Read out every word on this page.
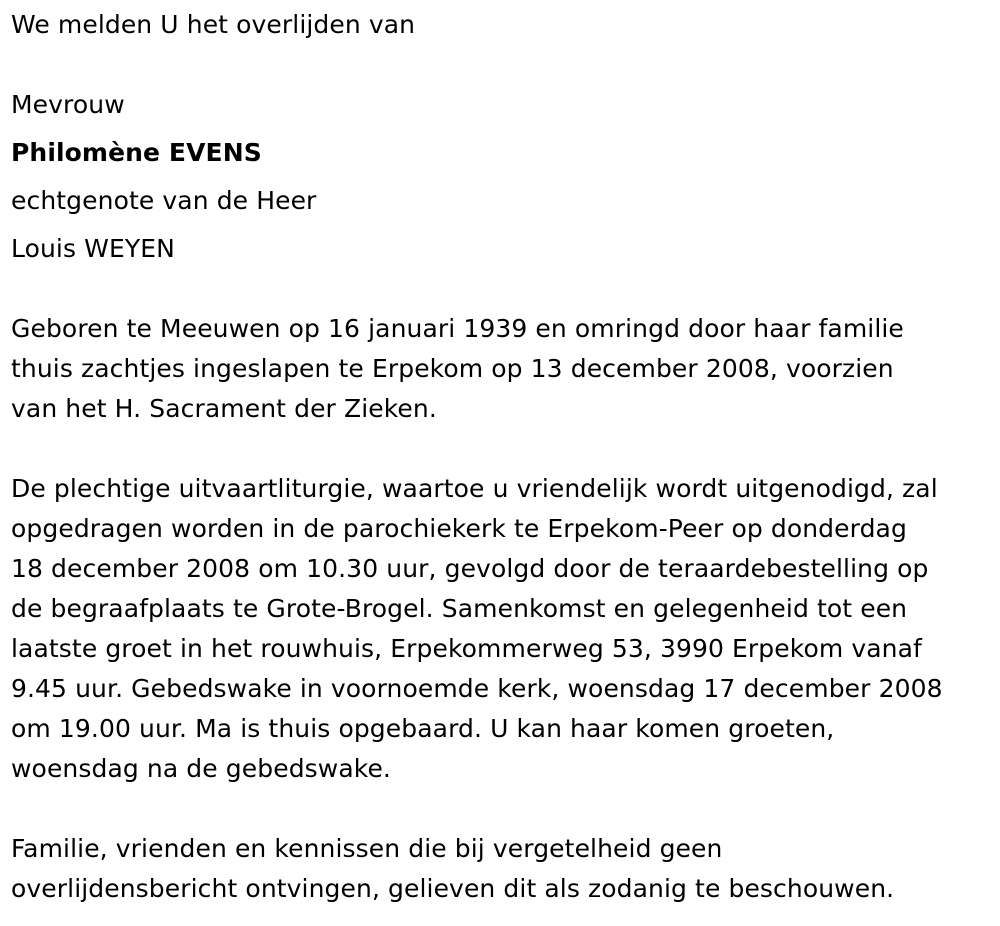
We melden U het overlijden van
Mevrouw
Philomène EVENS
echtgenote van de Heer
Louis WEYEN
Geboren te Meeuwen op 16 januari 1939 en omringd door haar familie
thuis zachtjes ingeslapen te Erpekom op 13 december 2008, voorzien
van het H. Sacrament der Zieken.
De plechtige uitvaartliturgie, waartoe u vriendelijk wordt uitgenodigd, zal
opgedragen worden in de parochiekerk te Erpekom-Peer op donderdag
18 december 2008 om 10.30 uur, gevolgd door de teraardebestelling op
de begraafplaats te Grote-Brogel. Samenkomst en gelegenheid tot een
laatste groet in het rouwhuis, Erpekommerweg 53, 3990 Erpekom vanaf
9.45 uur. Gebedswake in voornoemde kerk, woensdag 17 december 2008
om 19.00 uur. Ma is thuis opgebaard. U kan haar komen groeten,
woensdag na de gebedswake.
Familie, vrienden en kennissen die bij vergetelheid geen
overlijdensbericht ontvingen, gelieven dit als zodanig te beschouwen.
